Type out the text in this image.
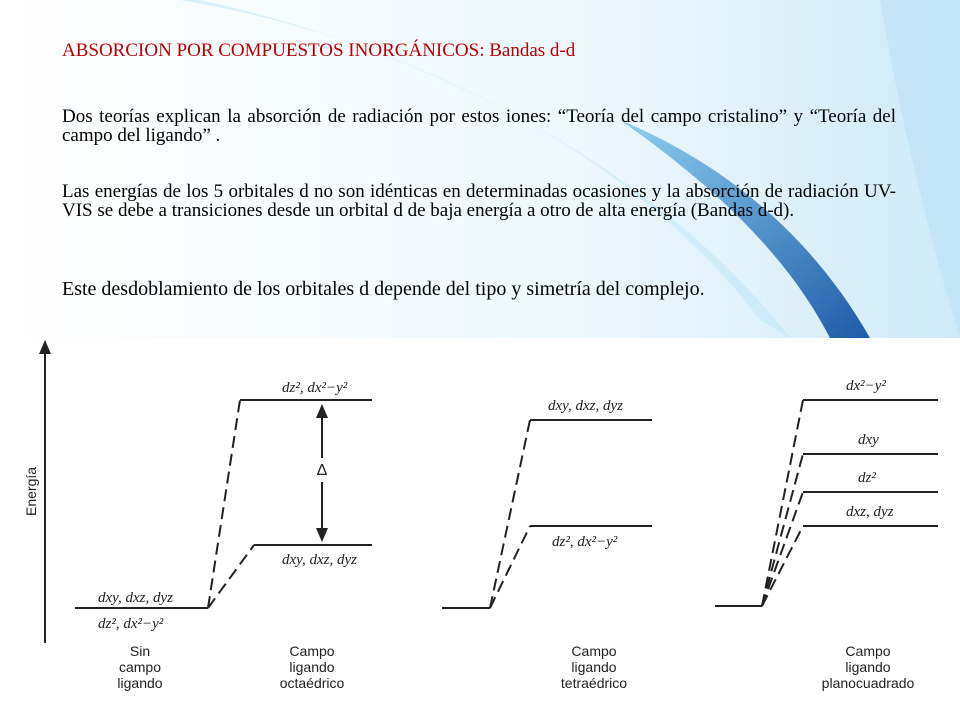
ABSORCION POR COMPUESTOS INORGÁNICOS: Bandas d-d
Dos teorías explican la absorción de radiación por estos iones: “Teoría del campo cristalino” y “Teoría del campo del ligando” .
Las energías de los 5 orbitales d no son idénticas en determinadas ocasiones y la absorción de radiación UV-VIS se debe a transiciones desde un orbital d de baja energía a otro de alta energía (Bandas d-d).
Este desdoblamiento de los orbitales d depende del tipo y simetría del complejo.
Energía	Δ
dxy, dxz, dyz
dz², dx²−y²
dz², dx²−y²
dxy, dxz, dyz
dxy, dxz, dyz
dz², dx²−y²
dx²−y²
dxy
dz²
dxz, dyz
Sin
campo
ligando
Campo
ligando
octaédrico
Campo
ligando
tetraédrico
Campo
ligando
planocuadrado
